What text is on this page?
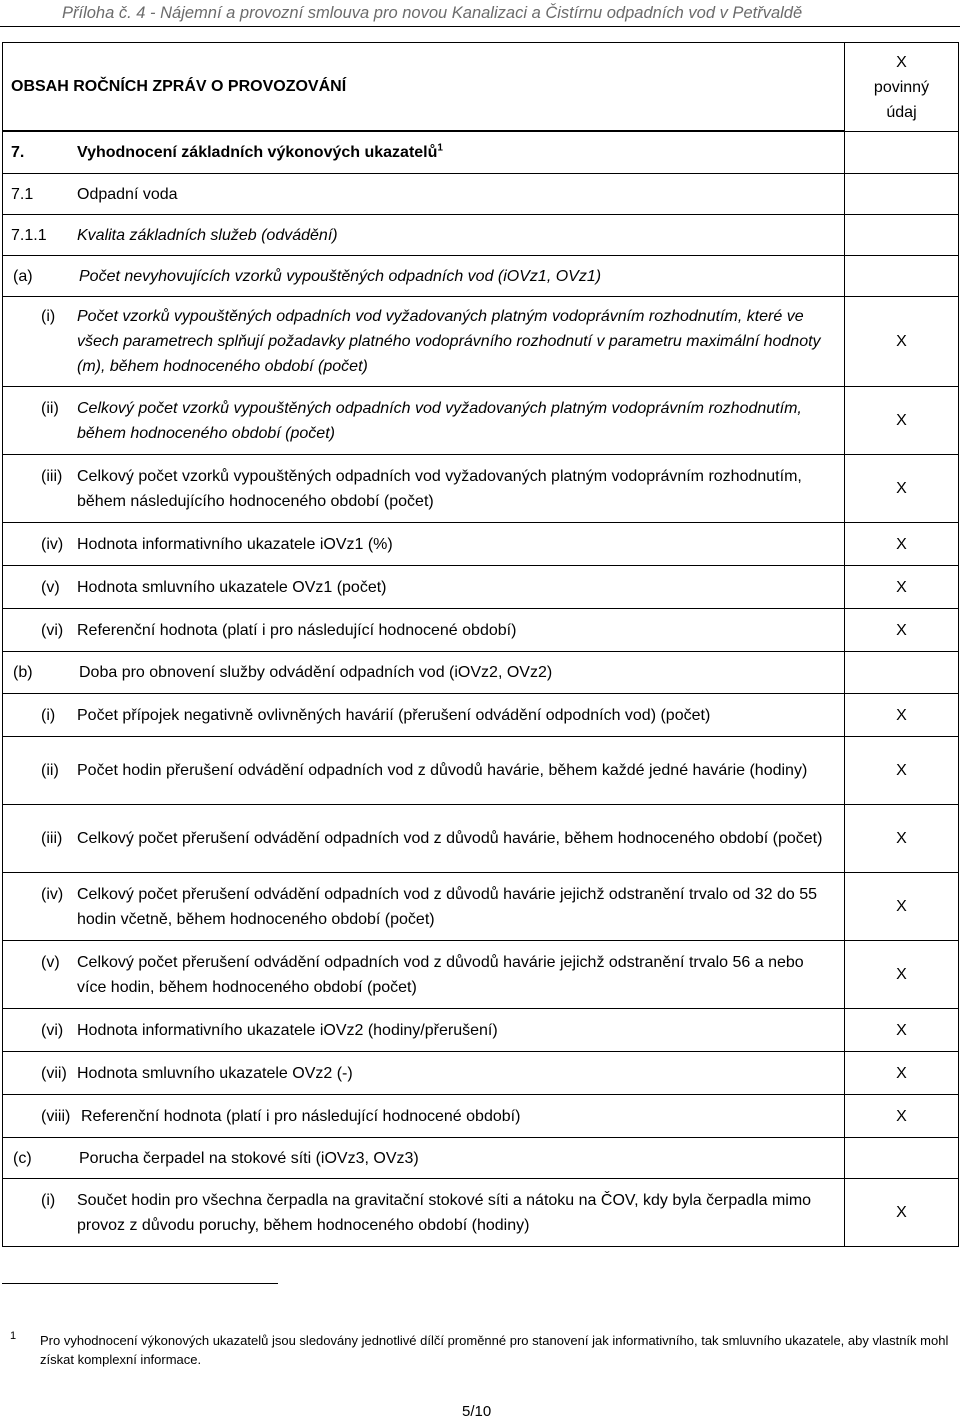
Příloha č. 4 - Nájemní a provozní smlouva pro novou Kanalizaci a Čistírnu odpadních vod v Petřvaldě
OBSAH ROČNÍCH ZPRÁV O PROVOZOVÁNÍ	X
povinný
údaj

7. Vyhodnocení základních výkonových ukazatelů$^1$	
7.1 Odpadní voda	
7.1.1 Kvalita základních služeb (odvádění)	

(a) Počet nevyhovujících vzorků vypouštěných odpadních vod (iOVz1, OVz1)	

(i) Počet vzorků vypouštěných odpadních vod vyžadovaných platným vodoprávním rozhodnutím, které ve všech parametrech splňují požadavky platného vodoprávního rozhodnutí v parametru maximální hodnoty (m), během hodnoceného období (počet)	X

(ii) Celkový počet vzorků vypouštěných odpadních vod vyžadovaných platným vodoprávním rozhodnutím, během hodnoceného období (počet)	X

(iii) Celkový počet vzorků vypouštěných odpadních vod vyžadovaných platným vodoprávním rozhodnutím, během následujícího hodnoceného období (počet)	X

(iv) Hodnota informativního ukazatele iOVz1 (%)	X

(v) Hodnota smluvního ukazatele OVz1 (počet)	X

(vi) Referenční hodnota (platí i pro následující hodnocené období)	X

(b) Doba pro obnovení služby odvádění odpadních vod (iOVz2, OVz2)	

(i) Počet přípojek negativně ovlivněných havárií (přerušení odvádění odpodních vod) (počet)	X

(ii) Počet hodin přerušení odvádění odpadních vod z důvodů havárie, během každé jedné havárie (hodiny)	X

(iii) Celkový počet přerušení odvádění odpadních vod z důvodů havárie, během hodnoceného období (počet)	X

(iv) Celkový počet přerušení odvádění odpadních vod z důvodů havárie jejichž odstranění trvalo od 32 do 55 hodin včetně, během hodnoceného období (počet)	X

(v) Celkový počet přerušení odvádění odpadních vod z důvodů havárie jejichž odstranění trvalo 56 a nebo více hodin, během hodnoceného období (počet)	X

(vi) Hodnota informativního ukazatele iOVz2 (hodiny/přerušení)	X

(vii) Hodnota smluvního ukazatele OVz2 (-)	X

(viii) Referenční hodnota (platí i pro následující hodnocené období)	X

(c) Porucha čerpadel na stokové síti (iOVz3, OVz3)	

(i) Součet hodin pro všechna čerpadla na gravitační stokové síti a nátoku na ČOV, kdy byla čerpadla mimo provoz z důvodu poruchy, během hodnoceného období (hodiny)	X
1 Pro vyhodnocení výkonových ukazatelů jsou sledovány jednotlivé dílčí proměnné pro stanovení jak informativního, tak smluvního ukazatele, aby vlastník mohl získat komplexní informace.
5/10
